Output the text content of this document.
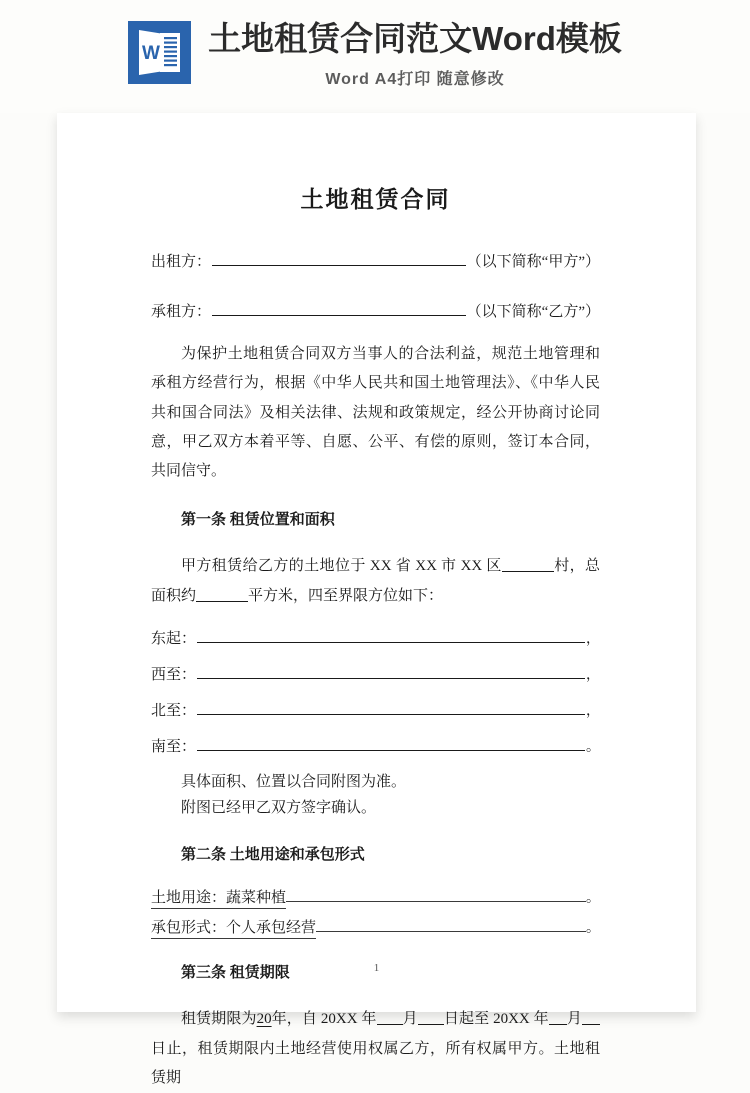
W 土地租赁合同范文Word模板
Word A4打印 随意修改
土地租赁合同
出租方：	（以下简称“甲方”）
承租方：	（以下简称“乙方”）

为保护土地租赁合同双方当事人的合法利益，规范土地管理和承租方经营行为，根据《中华人民共和国土地管理法》、《中华人民共和国合同法》及相关法律、法规和政策规定，经公开协商讨论同意，甲乙双方本着平等、自愿、公平、有偿的原则，签订本合同，共同信守。

第一条 租赁位置和面积

甲方租赁给乙方的土地位于 XX 省 XX 市 XX 区	村，总面积约	平方米，四至界限方位如下：

东起：	，
西至：	，
北至：	，
南至：	。

具体面积、位置以合同附图为准。

附图已经甲乙双方签字确认。

第二条 土地用途和承包形式

土地用途： 蔬菜种植	。
承包形式： 个人承包经营	。

第三条 租赁期限

租赁期限为20年，自 20XX 年 月 日起至 20XX 年 月日止，租赁期限内土地经营使用权属乙方，所有权属甲方。土地租赁期

1
